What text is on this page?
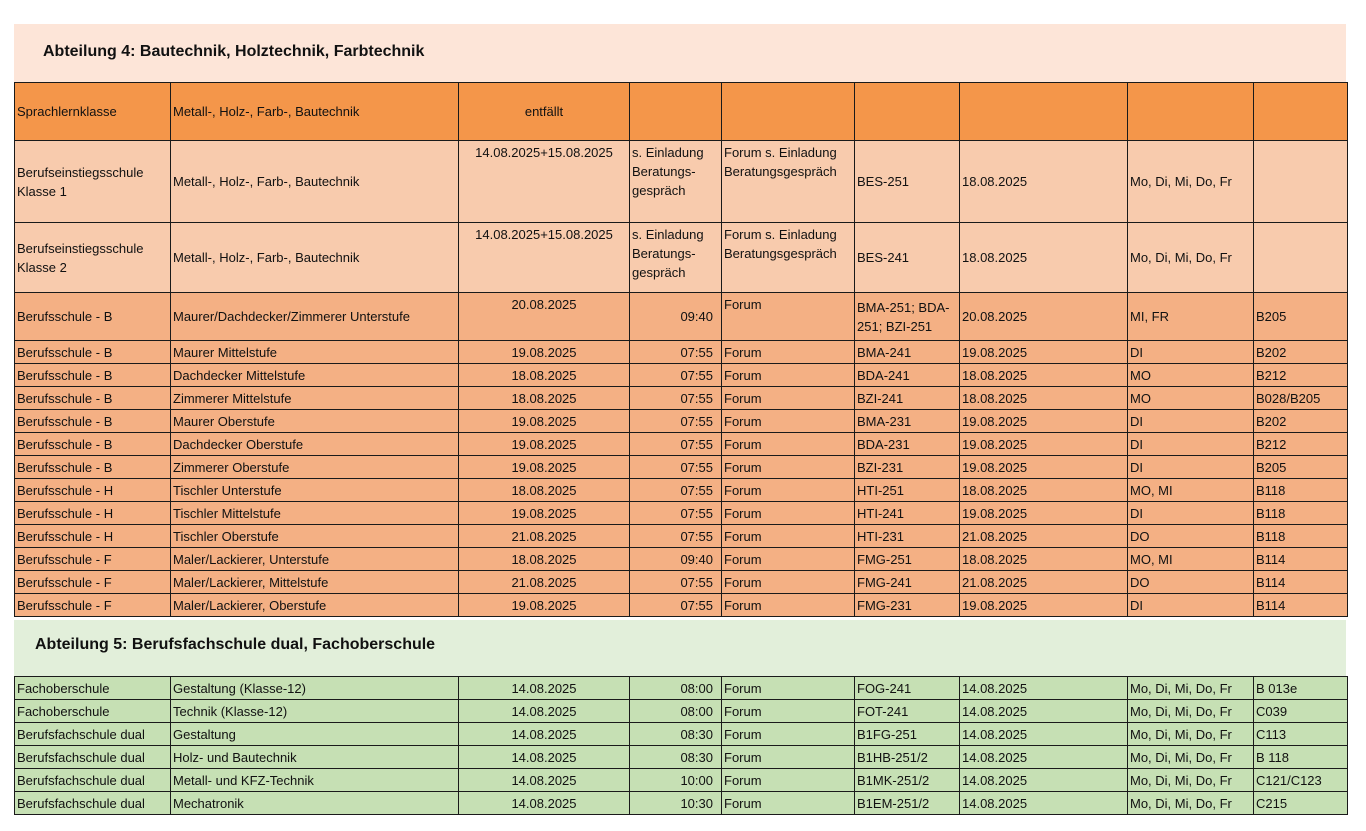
Abteilung 4: Bautechnik, Holztechnik, Farbtechnik
Sprachlernklasse	Metall-, Holz-, Farb-, Bautechnik	entfällt						
Berufseinstiegsschule Klasse 1	Metall-, Holz-, Farb-, Bautechnik	14.08.2025+15.08.2025	s. Einladung Beratungs-gespräch	Forum s. Einladung Beratungsgespräch	BES-251	18.08.2025	Mo, Di, Mi, Do, Fr	
Berufseinstiegsschule Klasse 2	Metall-, Holz-, Farb-, Bautechnik	14.08.2025+15.08.2025	s. Einladung Beratungs-gespräch	Forum s. Einladung Beratungsgespräch	BES-241	18.08.2025	Mo, Di, Mi, Do, Fr	
Berufsschule - B	Maurer/Dachdecker/Zimmerer Unterstufe	20.08.2025	09:40	Forum	BMA-251; BDA-251; BZI-251	20.08.2025	MI, FR	B205
Berufsschule - B	Maurer Mittelstufe	19.08.2025	07:55	Forum	BMA-241	19.08.2025	DI	B202
Berufsschule - B	Dachdecker Mittelstufe	18.08.2025	07:55	Forum	BDA-241	18.08.2025	MO	B212
Berufsschule - B	Zimmerer Mittelstufe	18.08.2025	07:55	Forum	BZI-241	18.08.2025	MO	B028/B205
Berufsschule - B	Maurer Oberstufe	19.08.2025	07:55	Forum	BMA-231	19.08.2025	DI	B202
Berufsschule - B	Dachdecker Oberstufe	19.08.2025	07:55	Forum	BDA-231	19.08.2025	DI	B212
Berufsschule - B	Zimmerer Oberstufe	19.08.2025	07:55	Forum	BZI-231	19.08.2025	DI	B205
Berufsschule - H	Tischler Unterstufe	18.08.2025	07:55	Forum	HTI-251	18.08.2025	MO, MI	B118
Berufsschule - H	Tischler Mittelstufe	19.08.2025	07:55	Forum	HTI-241	19.08.2025	DI	B118
Berufsschule - H	Tischler Oberstufe	21.08.2025	07:55	Forum	HTI-231	21.08.2025	DO	B118
Berufsschule - F	Maler/Lackierer, Unterstufe	18.08.2025	09:40	Forum	FMG-251	18.08.2025	MO, MI	B114
Berufsschule - F	Maler/Lackierer, Mittelstufe	21.08.2025	07:55	Forum	FMG-241	21.08.2025	DO	B114
Berufsschule - F	Maler/Lackierer, Oberstufe	19.08.2025	07:55	Forum	FMG-231	19.08.2025	DI	B114
Abteilung 5: Berufsfachschule dual, Fachoberschule
Fachoberschule	Gestaltung (Klasse-12)	14.08.2025	08:00	Forum	FOG-241	14.08.2025	Mo, Di, Mi, Do, Fr	B 013e
Fachoberschule	Technik (Klasse-12)	14.08.2025	08:00	Forum	FOT-241	14.08.2025	Mo, Di, Mi, Do, Fr	C039
Berufsfachschule dual	Gestaltung	14.08.2025	08:30	Forum	B1FG-251	14.08.2025	Mo, Di, Mi, Do, Fr	C113
Berufsfachschule dual	Holz- und Bautechnik	14.08.2025	08:30	Forum	B1HB-251/2	14.08.2025	Mo, Di, Mi, Do, Fr	B 118
Berufsfachschule dual	Metall- und KFZ-Technik	14.08.2025	10:00	Forum	B1MK-251/2	14.08.2025	Mo, Di, Mi, Do, Fr	C121/C123
Berufsfachschule dual	Mechatronik	14.08.2025	10:30	Forum	B1EM-251/2	14.08.2025	Mo, Di, Mi, Do, Fr	C215
